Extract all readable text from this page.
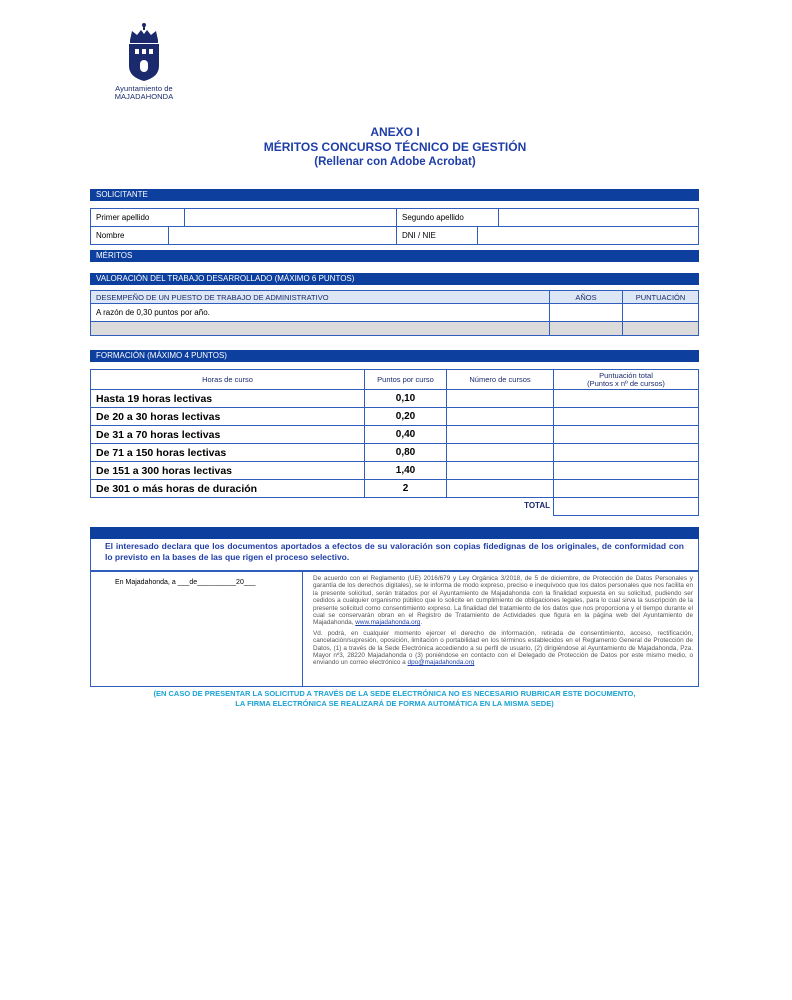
Ayuntamiento de
MAJADAHONDA
ANEXO I
MÉRITOS CONCURSO TÉCNICO DE GESTIÓN
(Rellenar con Adobe Acrobat)
SOLICITANTE
Primer apellido		Segundo apellido	
Nombre		DNI / NIE	
MÉRITOS
VALORACIÓN DEL TRABAJO DESARROLLADO (MÁXIMO 6 PUNTOS)
DESEMPEÑO DE UN PUESTO DE TRABAJO DE ADMINISTRATIVO	AÑOS	PUNTUACIÓN
A razón de 0,30 puntos por año.		

FORMACIÓN (MÁXIMO 4 PUNTOS)
Horas de curso	Puntos por curso	Número de cursos	Puntuación total
(Puntos x nº de cursos)
Hasta 19 horas lectivas	0,10		
De 20 a 30 horas lectivas	0,20		
De 31 a 70 horas lectivas	0,40		
De 71 a 150 horas lectivas	0,80		
De 151 a 300 horas lectivas	1,40		
De 301 o más horas de duración	2		
TOTAL
El interesado declara que los documentos aportados a efectos de su valoración son copias fidedignas de los originales, de conformidad con lo previsto en la bases de las que rigen el proceso selectivo.
En Majadahonda, a ___de__________20___

De acuerdo con el Reglamento (UE) 2016/679 y Ley Orgánica 3/2018, de 5 de diciembre, de Protección de Datos Personales y garantía de los derechos digitales), se le informa de modo expreso, preciso e inequívoco que los datos personales que nos facilita en la presente solicitud, serán tratados por el Ayuntamiento de Majadahonda con la finalidad expuesta en su solicitud, pudiendo ser cedidos a cualquier organismo público que lo solicite en cumplimiento de obligaciones legales, para lo cual sirva la suscripción de la presente solicitud como consentimiento expreso. La finalidad del tratamiento de los datos que nos proporciona y el tiempo durante el cual se conservarán obran en el Registro de Tratamiento de Actividades que figura en la página web del Ayuntamiento de Majadahonda, www.majadahonda.org.

Vd. podrá, en cualquier momento ejercer el derecho de información, retirada de consentimiento, acceso, rectificación, cancelación/supresión, oposición, limitación o portabilidad en los términos establecidos en el Reglamento General de Protección de Datos, (1) a través de la Sede Electrónica accediendo a su perfil de usuario, (2) dirigiéndose al Ayuntamiento de Majadahonda, Pza. Mayor nº3, 28220 Majadahonda o (3) poniéndose en contacto con el Delegado de Protección de Datos por este mismo medio, o enviando un correo electrónico a dpo@majadahonda.org

(EN CASO DE PRESENTAR LA SOLICITUD A TRAVÉS DE LA SEDE ELECTRÓNICA NO ES NECESARIO RUBRICAR ESTE DOCUMENTO,
LA FIRMA ELECTRÓNICA SE REALIZARÁ DE FORMA AUTOMÁTICA EN LA MISMA SEDE)
